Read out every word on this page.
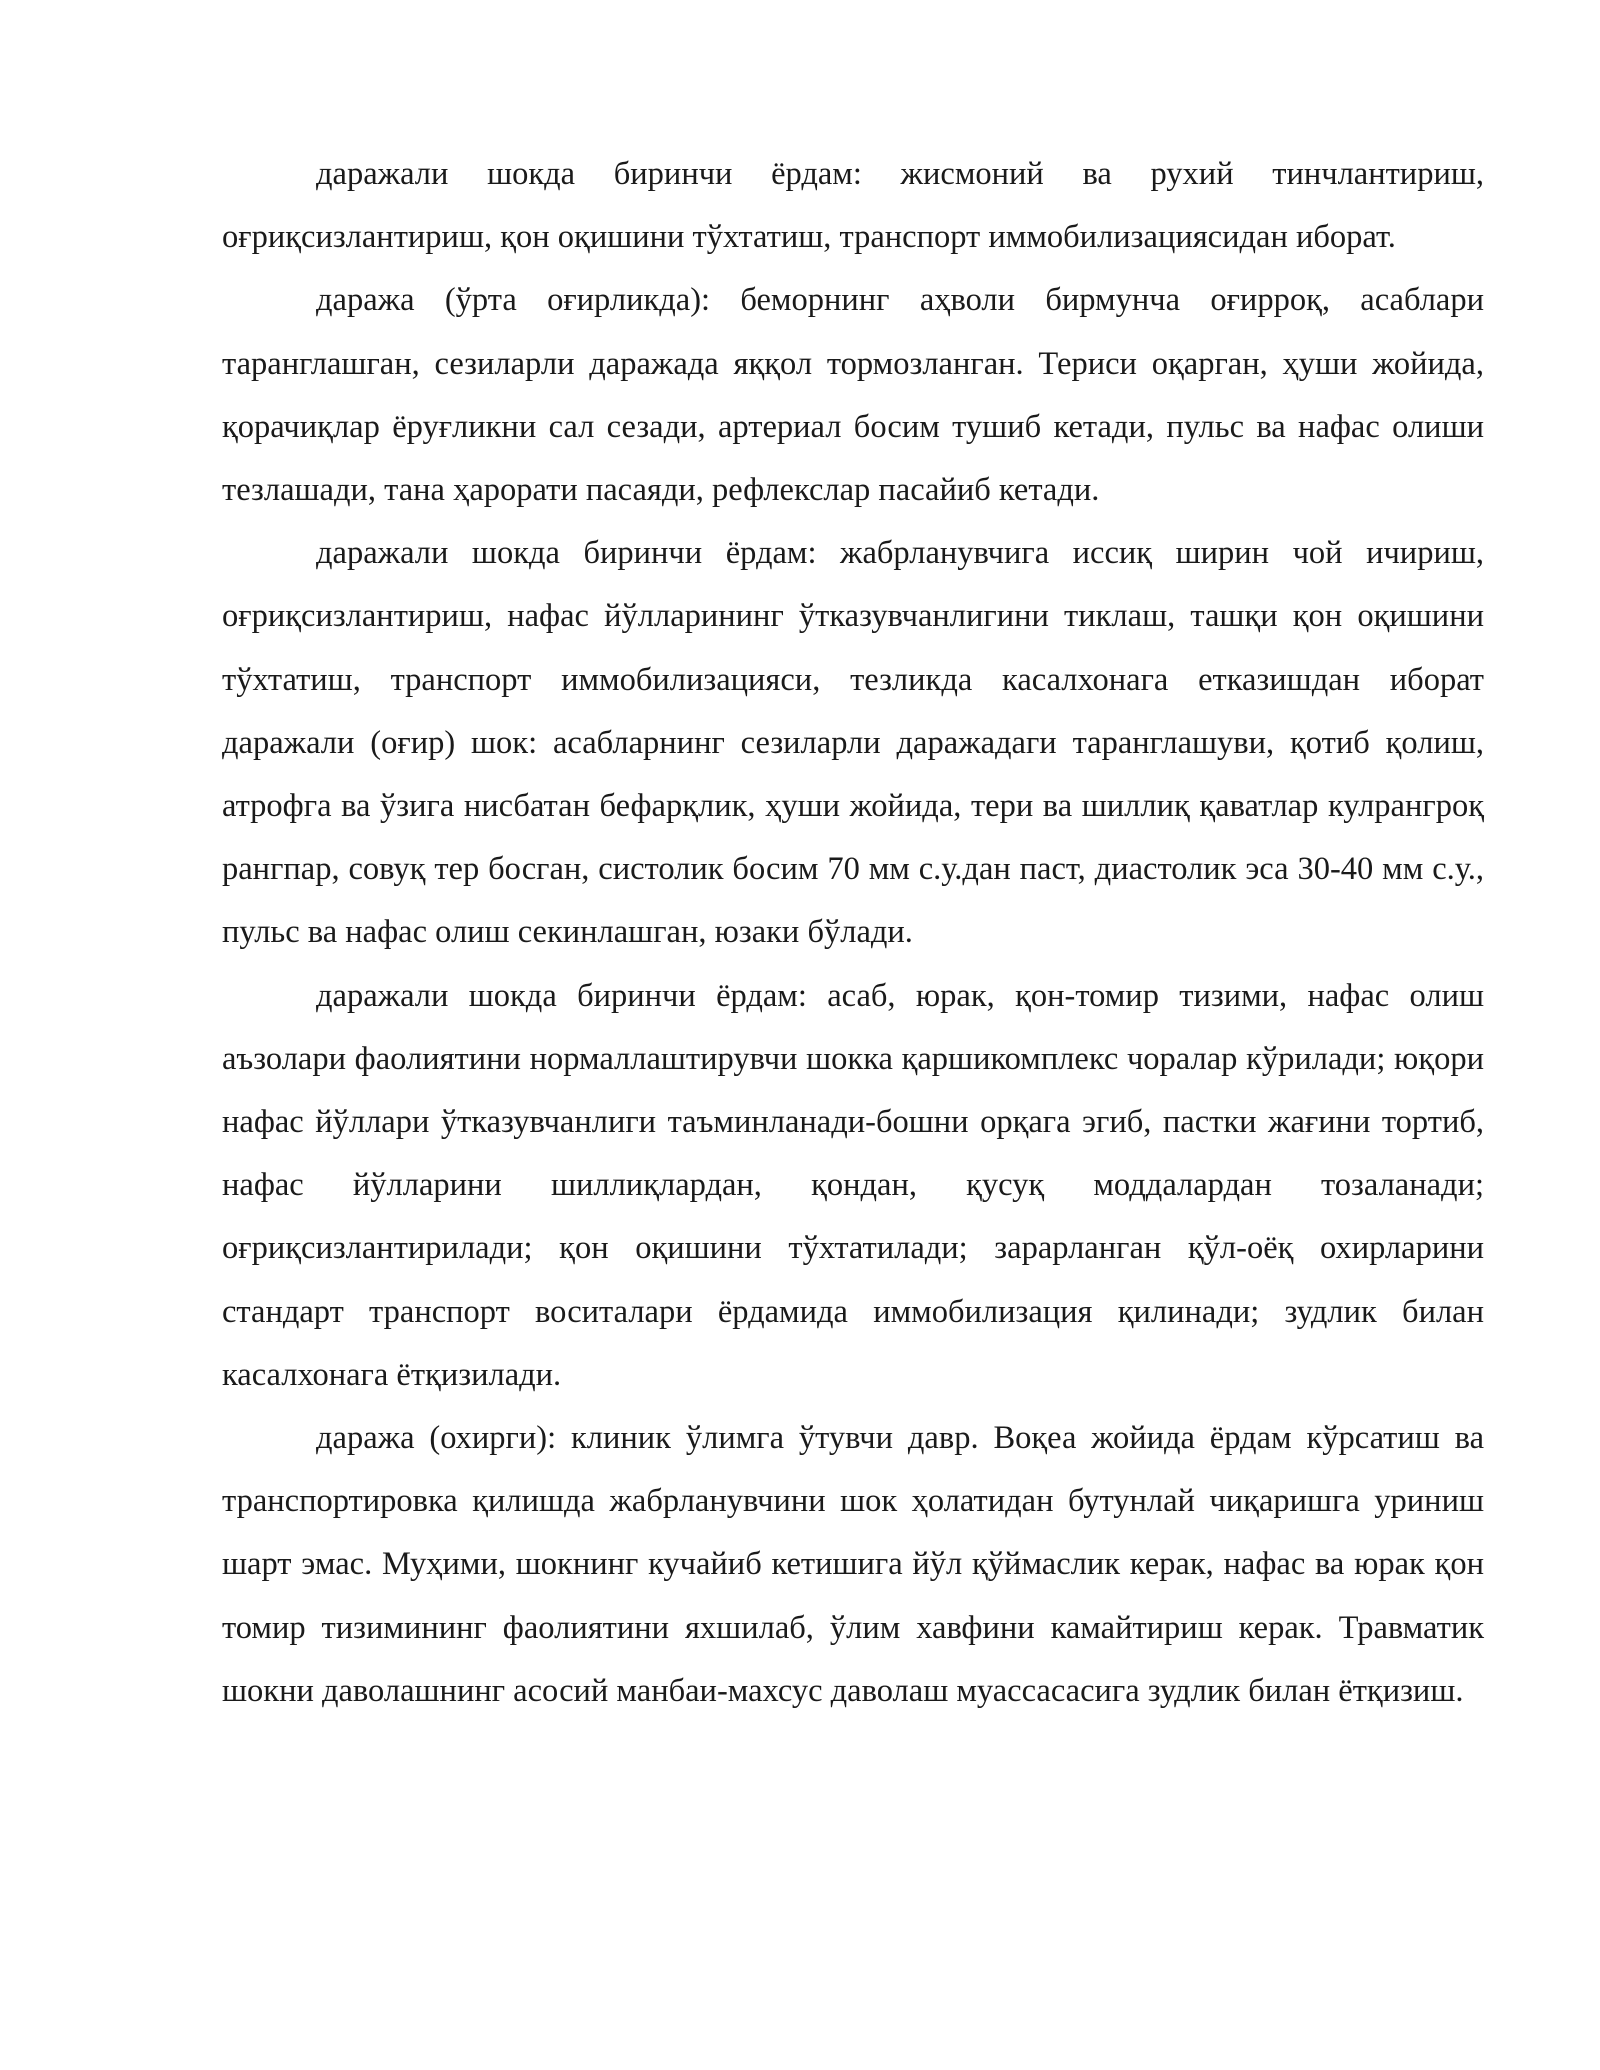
даражали шокда биринчи ёрдам: жисмоний ва рухий тинчлантириш, оғриқсизлантириш, қон оқишини тўхтатиш, транспорт иммобилизациясидан иборат.

даража (ўрта оғирликда): беморнинг аҳволи бирмунча оғирроқ, асаблари таранглашган, сезиларли даражада яққол тормозланган. Териси оқарган, ҳуши жойида, қорачиқлар ёруғликни сал сезади, артериал босим тушиб кетади, пульс ва нафас олиши тезлашади, тана ҳарорати пасаяди, рефлекслар пасайиб кетади.

даражали шокда биринчи ёрдам: жабрланувчига иссиқ ширин чой ичириш, оғриқсизлантириш, нафас йўлларининг ўтказувчанлигини тиклаш, ташқи қон оқишини тўхтатиш, транспорт иммобилизацияси, тезликда касалхонага етказишдан иборат даражали (оғир) шок: асабларнинг сезиларли даражадаги таранглашуви, қотиб қолиш, атрофга ва ўзига нисбатан бефарқлик, ҳуши жойида, тери ва шиллиқ қаватлар кулрангроқ рангпар, совуқ тер босган, систолик босим 70 мм с.у.дан паст, диастолик эса 30-40 мм с.у., пульс ва нафас олиш секинлашган, юзаки бўлади.

даражали шокда биринчи ёрдам: асаб, юрак, қон-томир тизими, нафас олиш аъзолари фаолиятини нормаллаштирувчи шокка қаршикомплекс чоралар кўрилади; юқори нафас йўллари ўтказувчанлиги таъминланади-бошни орқага эгиб, пастки жағини тортиб, нафас йўлларини шиллиқлардан, қондан, қусуқ моддалардан тозаланади; оғриқсизлантирилади; қон оқишини тўхтатилади; зарарланган қўл-оёқ охирларини стандарт транспорт воситалари ёрдамида иммобилизация қилинади; зудлик билан касалхонага ётқизилади.

даража (охирги): клиник ўлимга ўтувчи давр. Воқеа жойида ёрдам кўрсатиш ва транспортировка қилишда жабрланувчини шок ҳолатидан бутунлай чиқаришга уриниш шарт эмас. Муҳими, шокнинг кучайиб кетишига йўл қўймаслик керак, нафас ва юрак қон томир тизимининг фаолиятини яхшилаб, ўлим хавфини камайтириш керак. Травматик шокни даволашнинг асосий манбаи-махсус даволаш муассасасига зудлик билан ётқизиш.
